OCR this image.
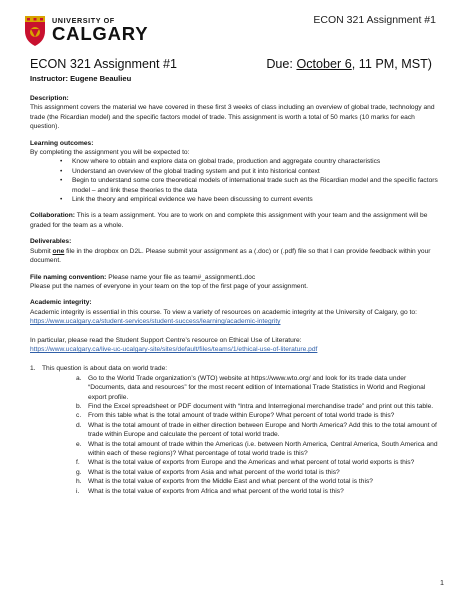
UNIVERSITY OF
CALGARY
ECON 321 Assignment #1
ECON 321 Assignment #1	Due: October 6, 11 PM, MST)
Instructor: Eugene Beaulieu

Description:

This assignment covers the material we have covered in these first 3 weeks of class including an overview of global trade, technology and trade (the Ricardian model) and the specific factors model of trade. This assignment is worth a total of 50 marks (10 marks for each question).

Learning outcomes:

By completing the assignment you will be expected to:

• Know where to obtain and explore data on global trade, production and aggregate country characteristics
• Understand an overview of the global trading system and put it into historical context
• Begin to understand some core theoretical models of international trade such as the Ricardian model and the specific factors model – and link these theories to the data
• Link the theory and empirical evidence we have been discussing to current events

Collaboration: This is a team assignment. You are to work on and complete this assignment with your team and the assignment will be graded for the team as a whole.

Deliverables:

Submit one file in the dropbox on D2L. Please submit your assignment as a (.doc) or (.pdf) file so that I can provide feedback within your document.

File naming convention: Please name your file as team#_assignment1.doc

Please put the names of everyone in your team on the top of the first page of your assignment.

Academic integrity:

Academic integrity is essential in this course. To view a variety of resources on academic integrity at the University of Calgary, go to: https://www.ucalgary.ca/student-services/student-success/learning/academic-integrity

In particular, please read the Student Support Centre’s resource on Ethical Use of Literature:

https://www.ucalgary.ca/live-uc-ucalgary-site/sites/default/files/teams/1/ethical-use-of-literature.pdf

1. This question is about data on world trade:
a. Go to the World Trade organization’s (WTO) website at https://www.wto.org/ and look for its trade data under “Documents, data and resources” for the most recent edition of International Trade Statistics in World and Regional export profile.
b. Find the Excel spreadsheet or PDF document with “Intra and Interregional merchandise trade” and print out this table.
c. From this table what is the total amount of trade within Europe? What percent of total world trade is this?
d. What is the total amount of trade in either direction between Europe and North America? Add this to the total amount of trade within Europe and calculate the percent of total world trade.
e. What is the total amount of trade within the Americas (i.e. between North America, Central America, South America and within each of these regions)? What percentage of total world trade is this?
f. What is the total value of exports from Europe and the Americas and what percent of total world exports is this?
g. What is the total value of exports from Asia and what percent of the world total is this?
h. What is the total value of exports from the Middle East and what percent of the world total is this?
i. What is the total value of exports from Africa and what percent of the world total is this?
1
